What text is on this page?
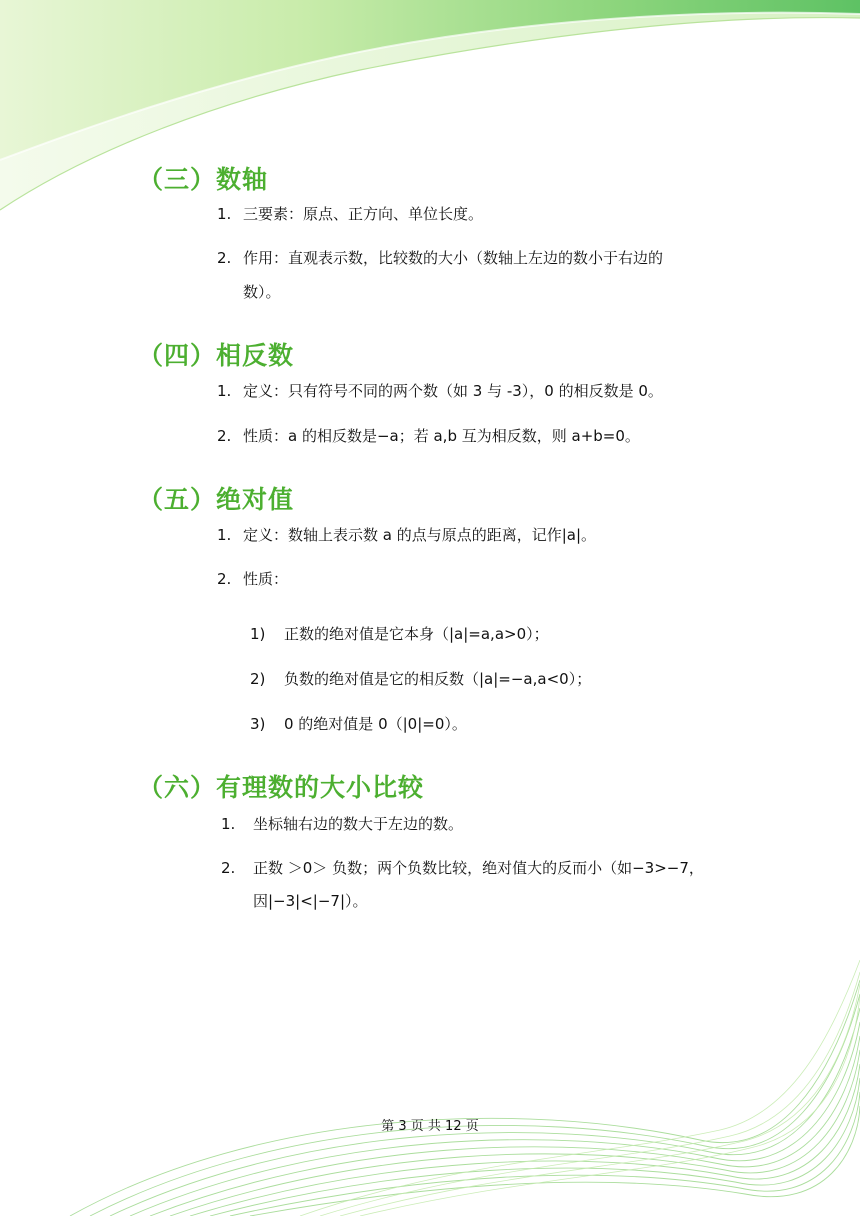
（三）数轴
1. 三要素：原点、正方向、单位长度。
2. 作用：直观表示数，比较数的大小（数轴上左边的数小于右边的
数）。
（四）相反数
1. 定义：只有符号不同的两个数（如 3 与 -3），0 的相反数是 0。
2. 性质：a 的相反数是−a；若 a,b 互为相反数，则 a+b=0。
（五）绝对值
1. 定义：数轴上表示数 a 的点与原点的距离，记作|a|。
2. 性质：
1) 正数的绝对值是它本身（|a|=a,a>0）；
2) 负数的绝对值是它的相反数（|a|=−a,a<0）；
3) 0 的绝对值是 0（|0|=0）。
（六）有理数的大小比较
1. 坐标轴右边的数大于左边的数。
2. 正数 ＞0＞ 负数；两个负数比较，绝对值大的反而小（如−3>−7，
因|−3|<|−7|）。
第 3 页 共 12 页
